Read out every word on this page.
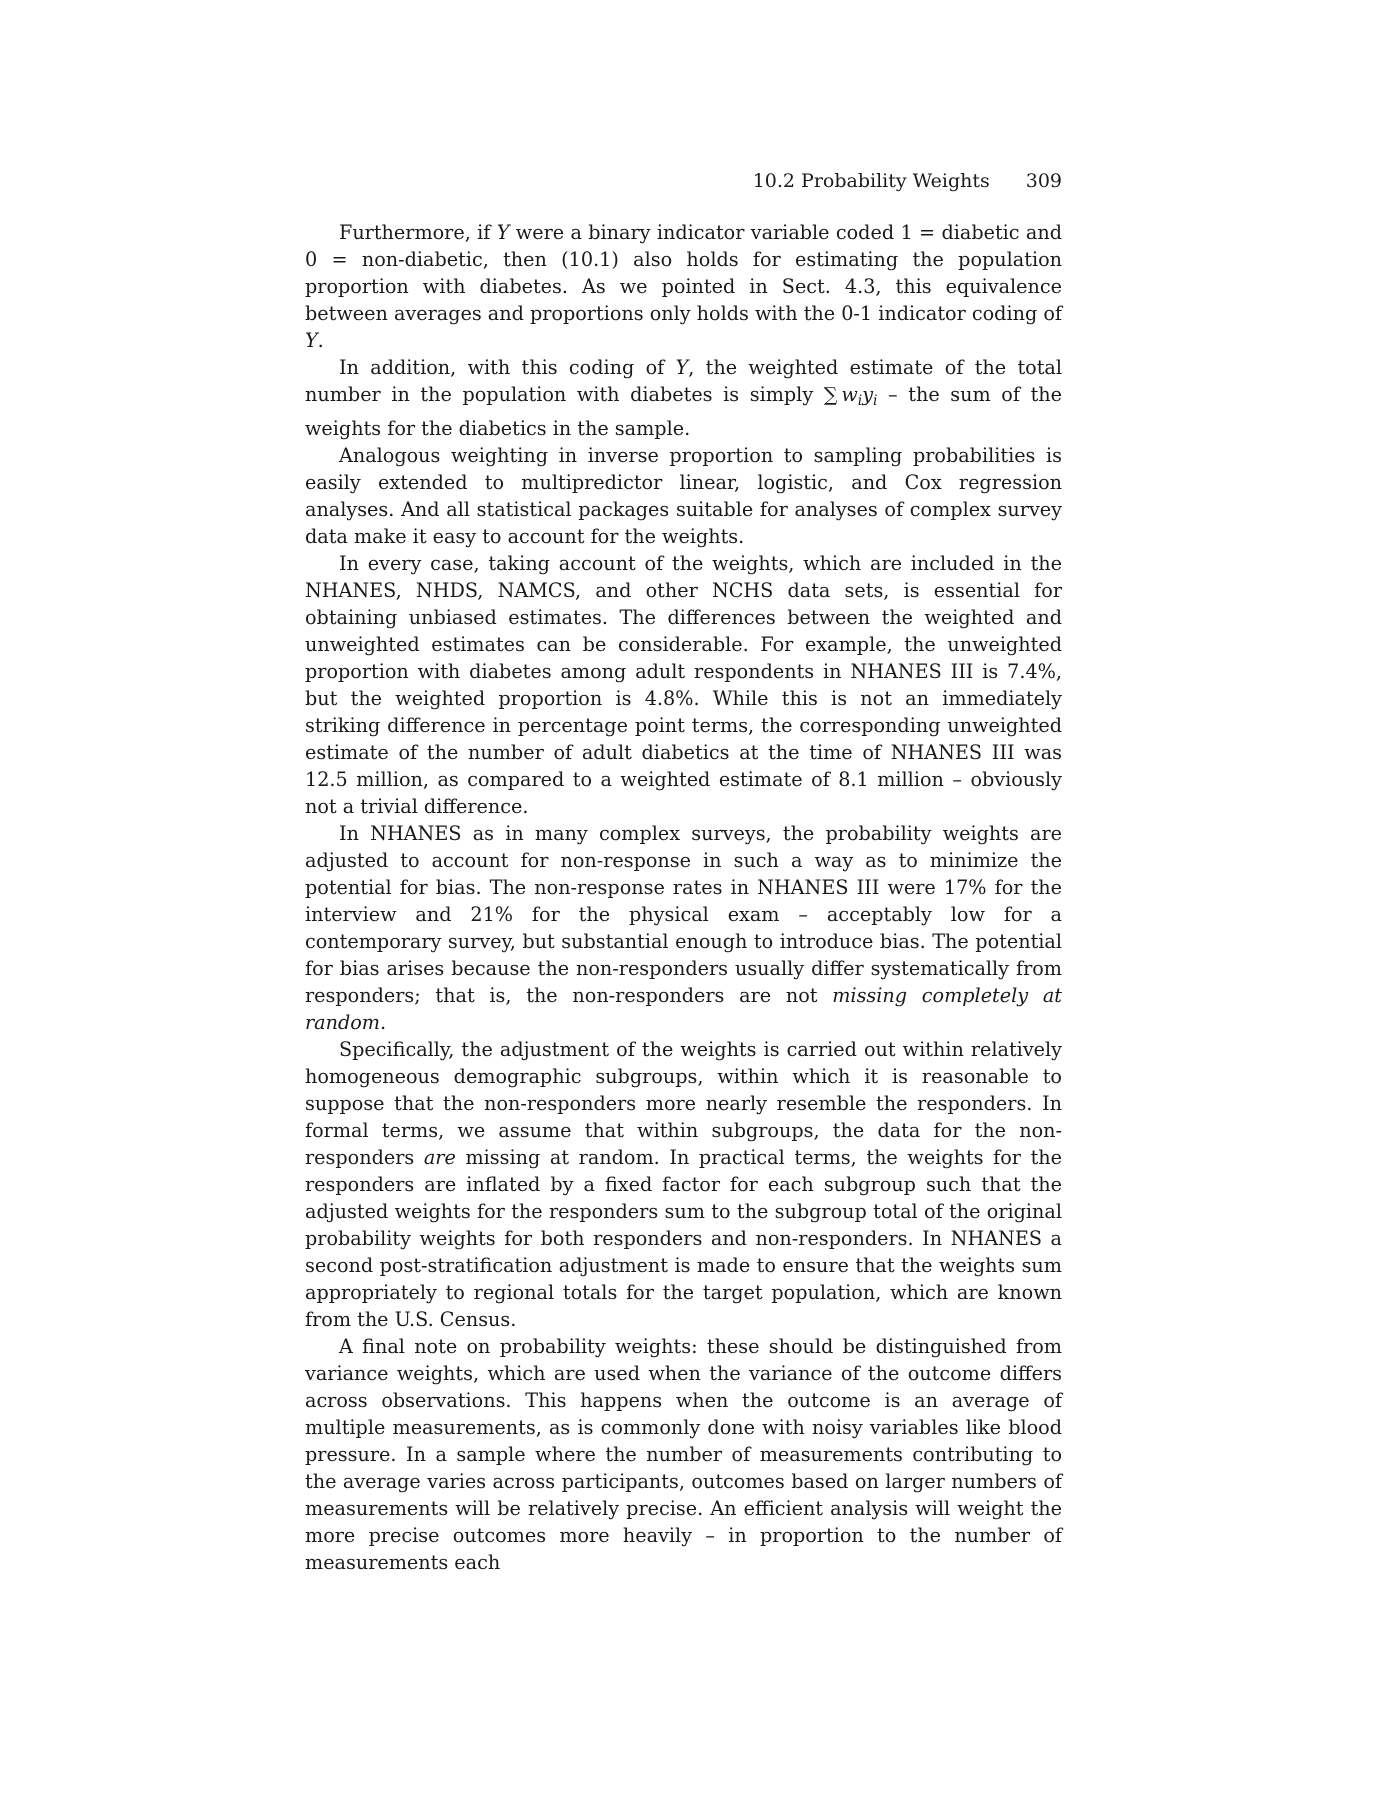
10.2 Probability Weights 309

Furthermore, if Y were a binary indicator variable coded 1 = diabetic and 0 = non-diabetic, then (10.1) also holds for estimating the population proportion with diabetes. As we pointed in Sect. 4.3, this equivalence between averages and proportions only holds with the 0-1 indicator coding of Y.

In addition, with this coding of Y, the weighted estimate of the total number in the population with diabetes is simply ∑  $w_iy_i$ – the sum of the weights for the diabetics in the sample.

Analogous weighting in inverse proportion to sampling probabilities is easily extended to multipredictor linear, logistic, and Cox regression analyses. And all statistical packages suitable for analyses of complex survey data make it easy to account for the weights.

In every case, taking account of the weights, which are included in the NHANES, NHDS, NAMCS, and other NCHS data sets, is essential for obtaining unbiased estimates. The differences between the weighted and unweighted estimates can be considerable. For example, the unweighted proportion with diabetes among adult respondents in NHANES III is 7.4%, but the weighted proportion is 4.8%. While this is not an immediately striking difference in percentage point terms, the corresponding unweighted estimate of the number of adult diabetics at the time of NHANES III was 12.5 million, as compared to a weighted estimate of 8.1 million – obviously not a trivial difference.

In NHANES as in many complex surveys, the probability weights are adjusted to account for non-response in such a way as to minimize the potential for bias. The non-response rates in NHANES III were 17% for the interview and 21% for the physical exam – acceptably low for a contemporary survey, but substantial enough to introduce bias. The potential for bias arises because the non-responders usually differ systematically from responders; that is, the non-responders are not missing completely at random.

Specifically, the adjustment of the weights is carried out within relatively homogeneous demographic subgroups, within which it is reasonable to suppose that the non-responders more nearly resemble the responders. In formal terms, we assume that within subgroups, the data for the non-responders are missing at random. In practical terms, the weights for the responders are inflated by a fixed factor for each subgroup such that the adjusted weights for the responders sum to the subgroup total of the original probability weights for both responders and non-responders. In NHANES a second post-stratification adjustment is made to ensure that the weights sum appropriately to regional totals for the target population, which are known from the U.S. Census.

A final note on probability weights: these should be distinguished from variance weights, which are used when the variance of the outcome differs across observations. This happens when the outcome is an average of multiple measurements, as is commonly done with noisy variables like blood pressure. In a sample where the number of measurements contributing to the average varies across participants, outcomes based on larger numbers of measurements will be relatively precise. An efficient analysis will weight the more precise outcomes more heavily – in proportion to the number of measurements each
